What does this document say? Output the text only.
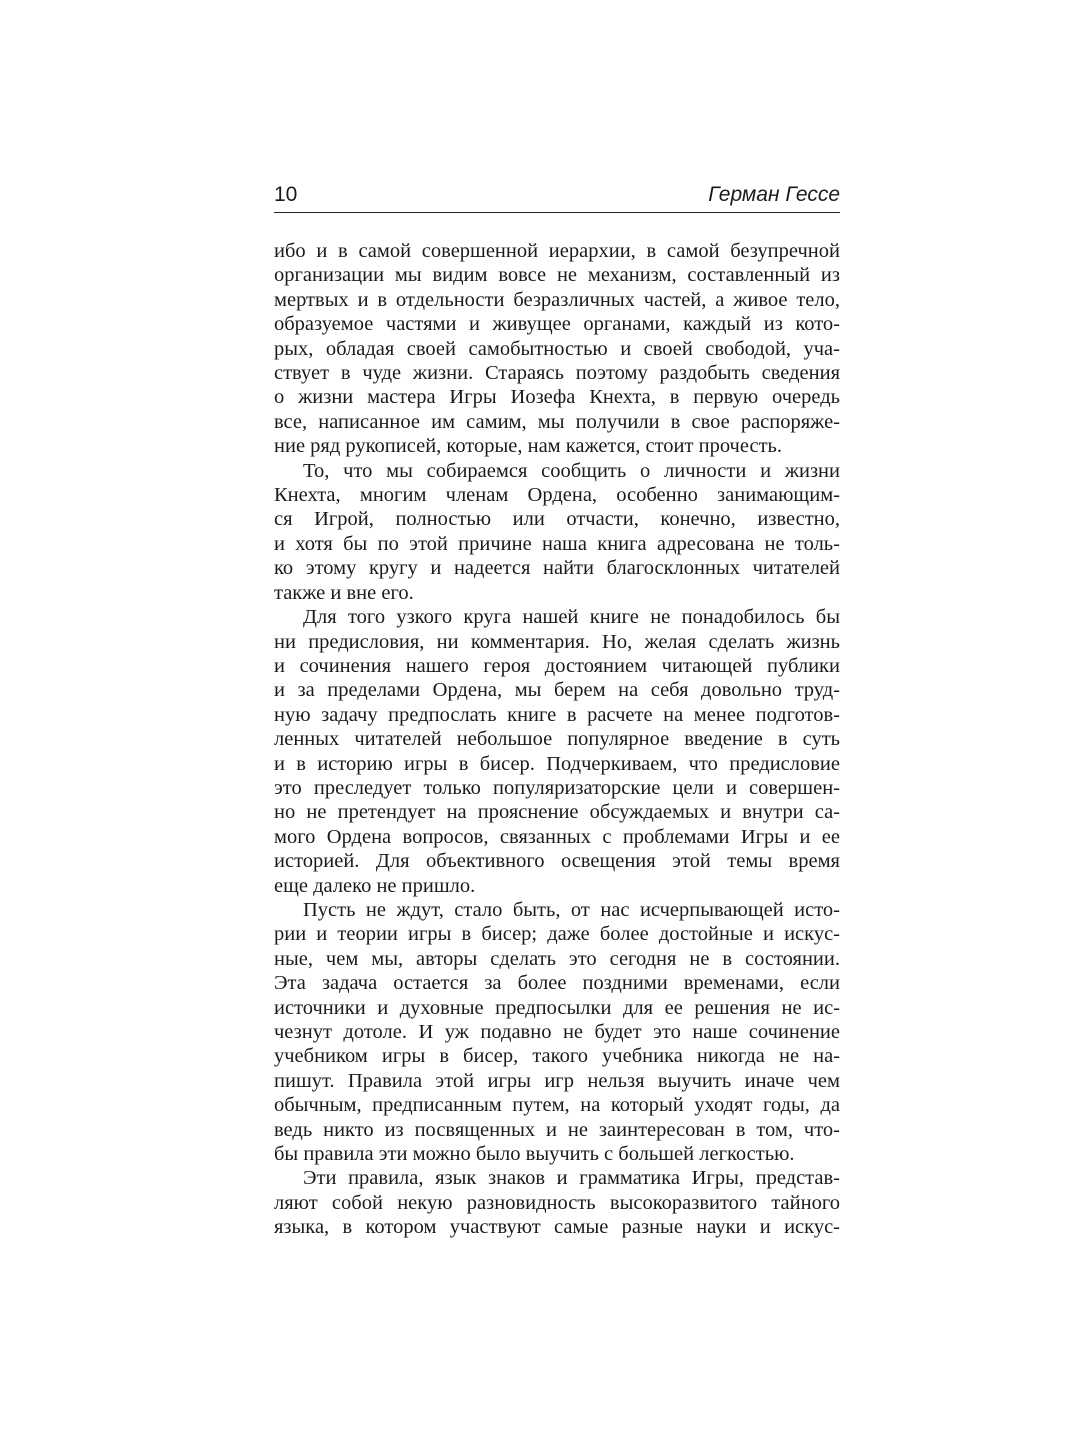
10	Герман Гессе
ибо и в самой совершенной иерархии, в самой безупречной
организации мы видим вовсе не механизм, составленный из
мертвых и в отдельности безразличных частей, а живое тело,
образуемое частями и живущее органами, каждый из кото-
рых, обладая своей самобытностью и своей свободой, уча-
ствует в чуде жизни. Стараясь поэтому раздобыть сведения
о жизни мастера Игры Иозефа Кнехта, в первую очередь
все, написанное им самим, мы получили в свое распоряже-
ние ряд рукописей, которые, нам кажется, стоит прочесть.
То, что мы собираемся сообщить о личности и жизни
Кнехта, многим членам Ордена, особенно занимающим-
ся Игрой, полностью или отчасти, конечно, известно,
и хотя бы по этой причине наша книга адресована не толь-
ко этому кругу и надеется найти благосклонных читателей
также и вне его.
Для того узкого круга нашей книге не понадобилось бы
ни предисловия, ни комментария. Но, желая сделать жизнь
и сочинения нашего героя достоянием читающей публики
и за пределами Ордена, мы берем на себя довольно труд-
ную задачу предпослать книге в расчете на менее подготов-
ленных читателей небольшое популярное введение в суть
и в историю игры в бисер. Подчеркиваем, что предисловие
это преследует только популяризаторские цели и совершен-
но не претендует на прояснение обсуждаемых и внутри са-
мого Ордена вопросов, связанных с проблемами Игры и ее
историей. Для объективного освещения этой темы время
еще далеко не пришло.
Пусть не ждут, стало быть, от нас исчерпывающей исто-
рии и теории игры в бисер; даже более достойные и искус-
ные, чем мы, авторы сделать это сегодня не в состоянии.
Эта задача остается за более поздними временами, если
источники и духовные предпосылки для ее решения не ис-
чезнут дотоле. И уж подавно не будет это наше сочинение
учебником игры в бисер, такого учебника никогда не на-
пишут. Правила этой игры игр нельзя выучить иначе чем
обычным, предписанным путем, на который уходят годы, да
ведь никто из посвященных и не заинтересован в том, что-
бы правила эти можно было выучить с большей легкостью.
Эти правила, язык знаков и грамматика Игры, представ-
ляют собой некую разновидность высокоразвитого тайного
языка, в котором участвуют самые разные науки и искус-
